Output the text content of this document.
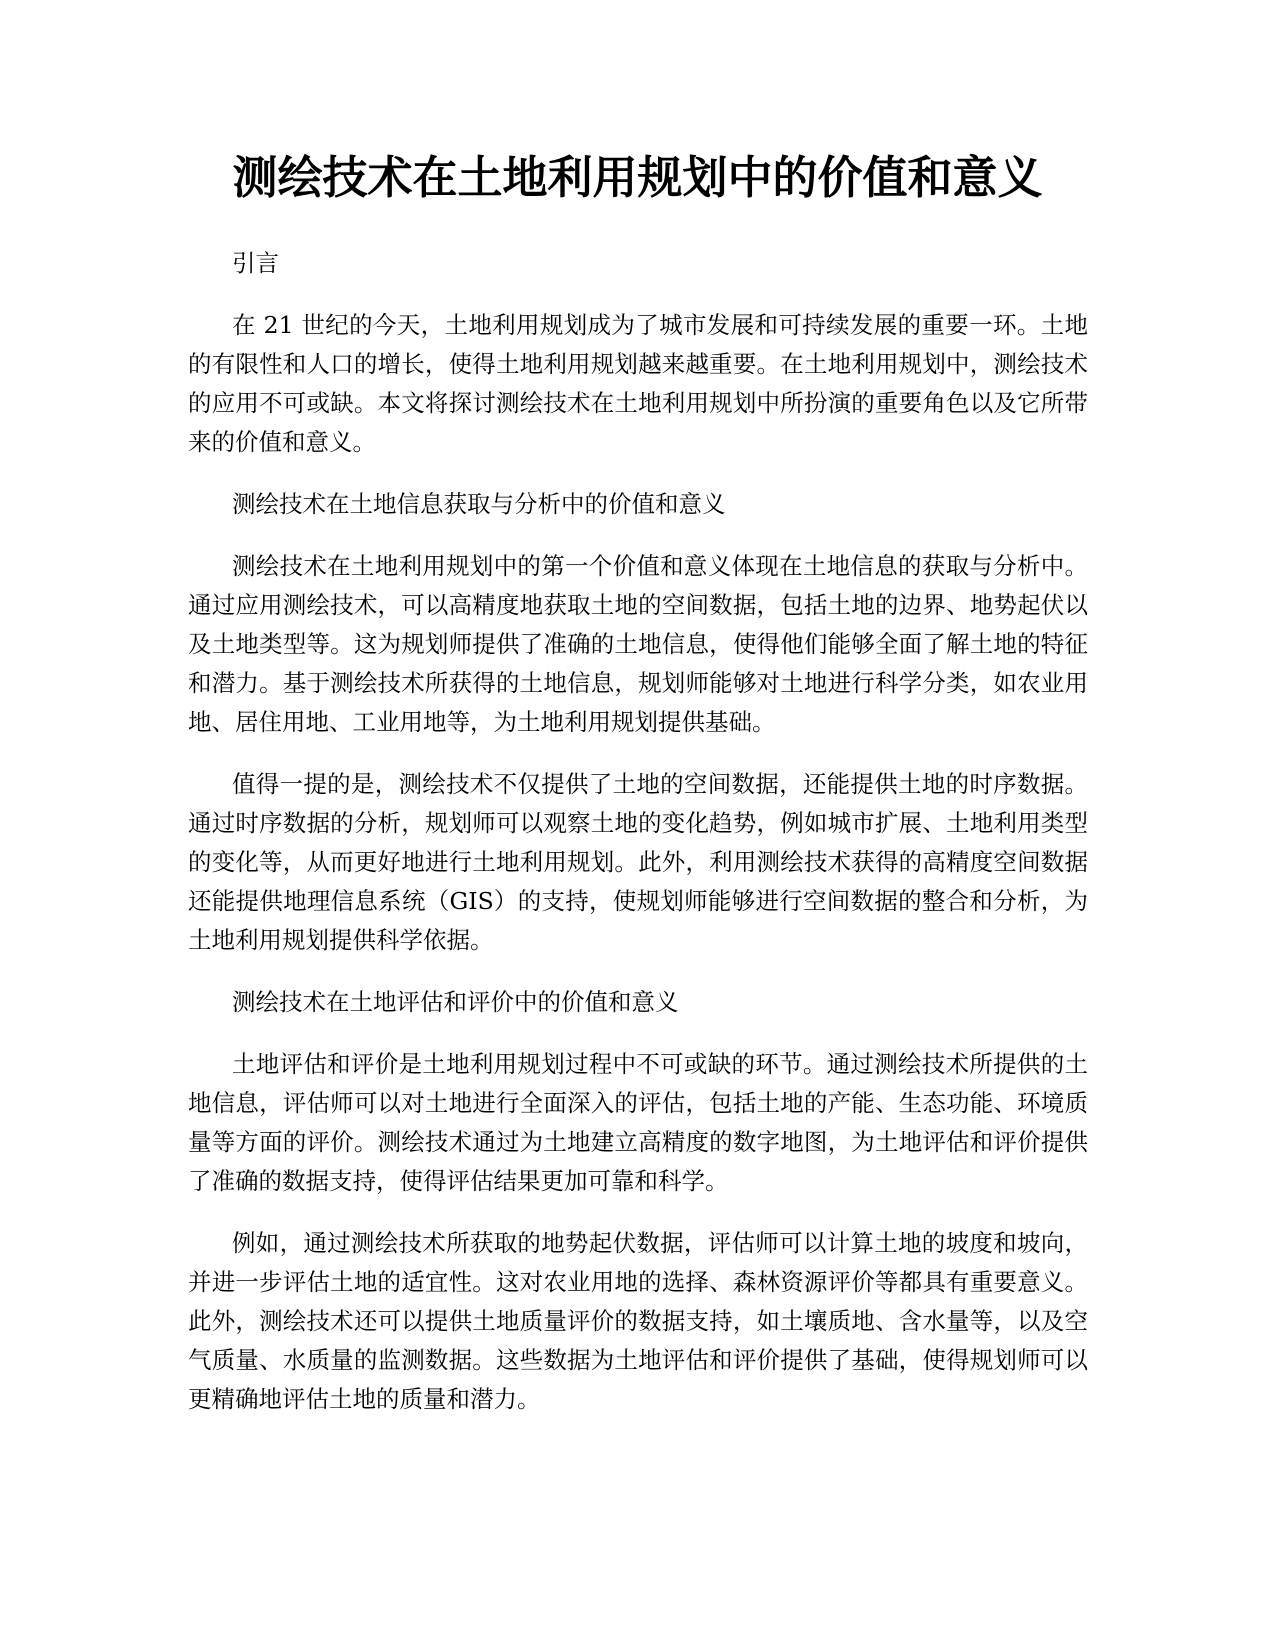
测绘技术在土地利用规划中的价值和意义

引言

在 21 世纪的今天，土地利用规划成为了城市发展和可持续发展的重要一环。土地的有限性和人口的增长，使得土地利用规划越来越重要。在土地利用规划中，测绘技术的应用不可或缺。本文将探讨测绘技术在土地利用规划中所扮演的重要角色以及它所带来的价值和意义。

测绘技术在土地信息获取与分析中的价值和意义

测绘技术在土地利用规划中的第一个价值和意义体现在土地信息的获取与分析中。通过应用测绘技术，可以高精度地获取土地的空间数据，包括土地的边界、地势起伏以及土地类型等。这为规划师提供了准确的土地信息，使得他们能够全面了解土地的特征和潜力。基于测绘技术所获得的土地信息，规划师能够对土地进行科学分类，如农业用地、居住用地、工业用地等，为土地利用规划提供基础。

值得一提的是，测绘技术不仅提供了土地的空间数据，还能提供土地的时序数据。通过时序数据的分析，规划师可以观察土地的变化趋势，例如城市扩展、土地利用类型的变化等，从而更好地进行土地利用规划。此外，利用测绘技术获得的高精度空间数据还能提供地理信息系统（GIS）的支持，使规划师能够进行空间数据的整合和分析，为土地利用规划提供科学依据。

测绘技术在土地评估和评价中的价值和意义

土地评估和评价是土地利用规划过程中不可或缺的环节。通过测绘技术所提供的土地信息，评估师可以对土地进行全面深入的评估，包括土地的产能、生态功能、环境质量等方面的评价。测绘技术通过为土地建立高精度的数字地图，为土地评估和评价提供了准确的数据支持，使得评估结果更加可靠和科学。

例如，通过测绘技术所获取的地势起伏数据，评估师可以计算土地的坡度和坡向，并进一步评估土地的适宜性。这对农业用地的选择、森林资源评价等都具有重要意义。此外，测绘技术还可以提供土地质量评价的数据支持，如土壤质地、含水量等，以及空气质量、水质量的监测数据。这些数据为土地评估和评价提供了基础，使得规划师可以更精确地评估土地的质量和潜力。
